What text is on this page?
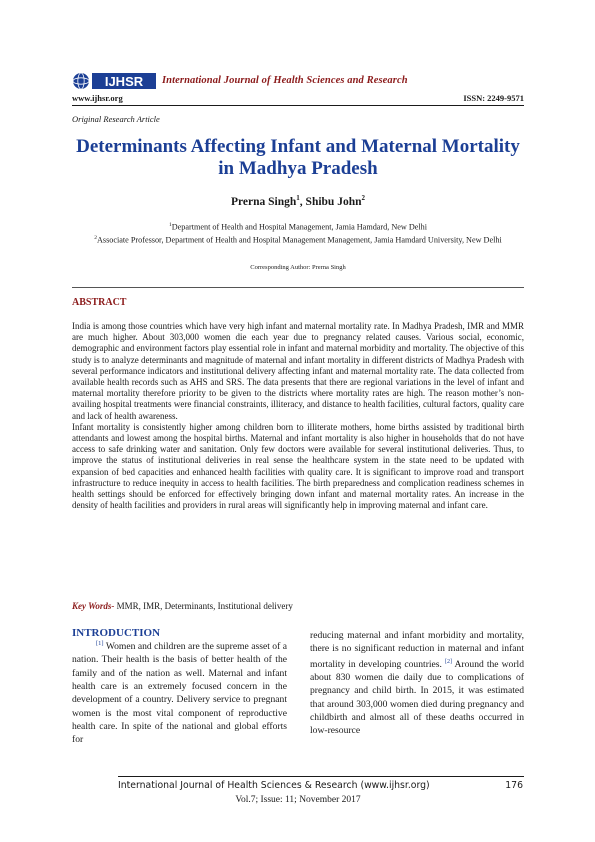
IJHSR International Journal of Health Sciences and Research
www.ijhsr.org	ISSN: 2249-9571
Original Research Article
Determinants Affecting Infant and Maternal Mortality in Madhya Pradesh
Prerna Singh$^1$, Shibu John$^2$
$^1$Department of Health and Hospital Management, Jamia Hamdard, New Delhi
$^2$Associate Professor, Department of Health and Hospital Management Management, Jamia Hamdard University, New Delhi
Corresponding Author: Prerna Singh
ABSTRACT

India is among those countries which have very high infant and maternal mortality rate. In Madhya Pradesh, IMR and MMR are much higher. About 303,000 women die each year due to pregnancy related causes. Various social, economic, demographic and environment factors play essential role in infant and maternal morbidity and mortality. The objective of this study is to analyze determinants and magnitude of maternal and infant mortality in different districts of Madhya Pradesh with several performance indicators and institutional delivery affecting infant and maternal mortality rate. The data collected from available health records such as AHS and SRS. The data presents that there are regional variations in the level of infant and maternal mortality therefore priority to be given to the districts where mortality rates are high. The reason mother’s non-availing hospital treatments were financial constraints, illiteracy, and distance to health facilities, cultural factors, quality care and lack of health awareness.

Infant mortality is consistently higher among children born to illiterate mothers, home births assisted by traditional birth attendants and lowest among the hospital births. Maternal and infant mortality is also higher in households that do not have access to safe drinking water and sanitation. Only few doctors were available for several institutional deliveries. Thus, to improve the status of institutional deliveries in real sense the healthcare system in the state need to be updated with expansion of bed capacities and enhanced health facilities with quality care. It is significant to improve road and transport infrastructure to reduce inequity in access to health facilities. The birth preparedness and complication readiness schemes in health settings should be enforced for effectively bringing down infant and maternal mortality rates. An increase in the density of health facilities and providers in rural areas will significantly help in improving maternal and infant care.

Key Words- MMR, IMR, Determinants, Institutional delivery
INTRODUCTION

[1] Women and children are the supreme asset of a nation. Their health is the basis of better health of the family and of the nation as well. Maternal and infant health care is an extremely focused concern in the development of a country. Delivery service to pregnant women is the most vital component of reproductive health care. In spite of the national and global efforts for

reducing maternal and infant morbidity and mortality, there is no significant reduction in maternal and infant mortality in developing countries. [2] Around the world about 830 women die daily due to complications of pregnancy and child birth. In 2015, it was estimated that around 303,000 women died during pregnancy and childbirth and almost all of these deaths occurred in low-resource

International Journal of Health Sciences & Research (www.ijhsr.org)	176
Vol.7; Issue: 11; November 2017
